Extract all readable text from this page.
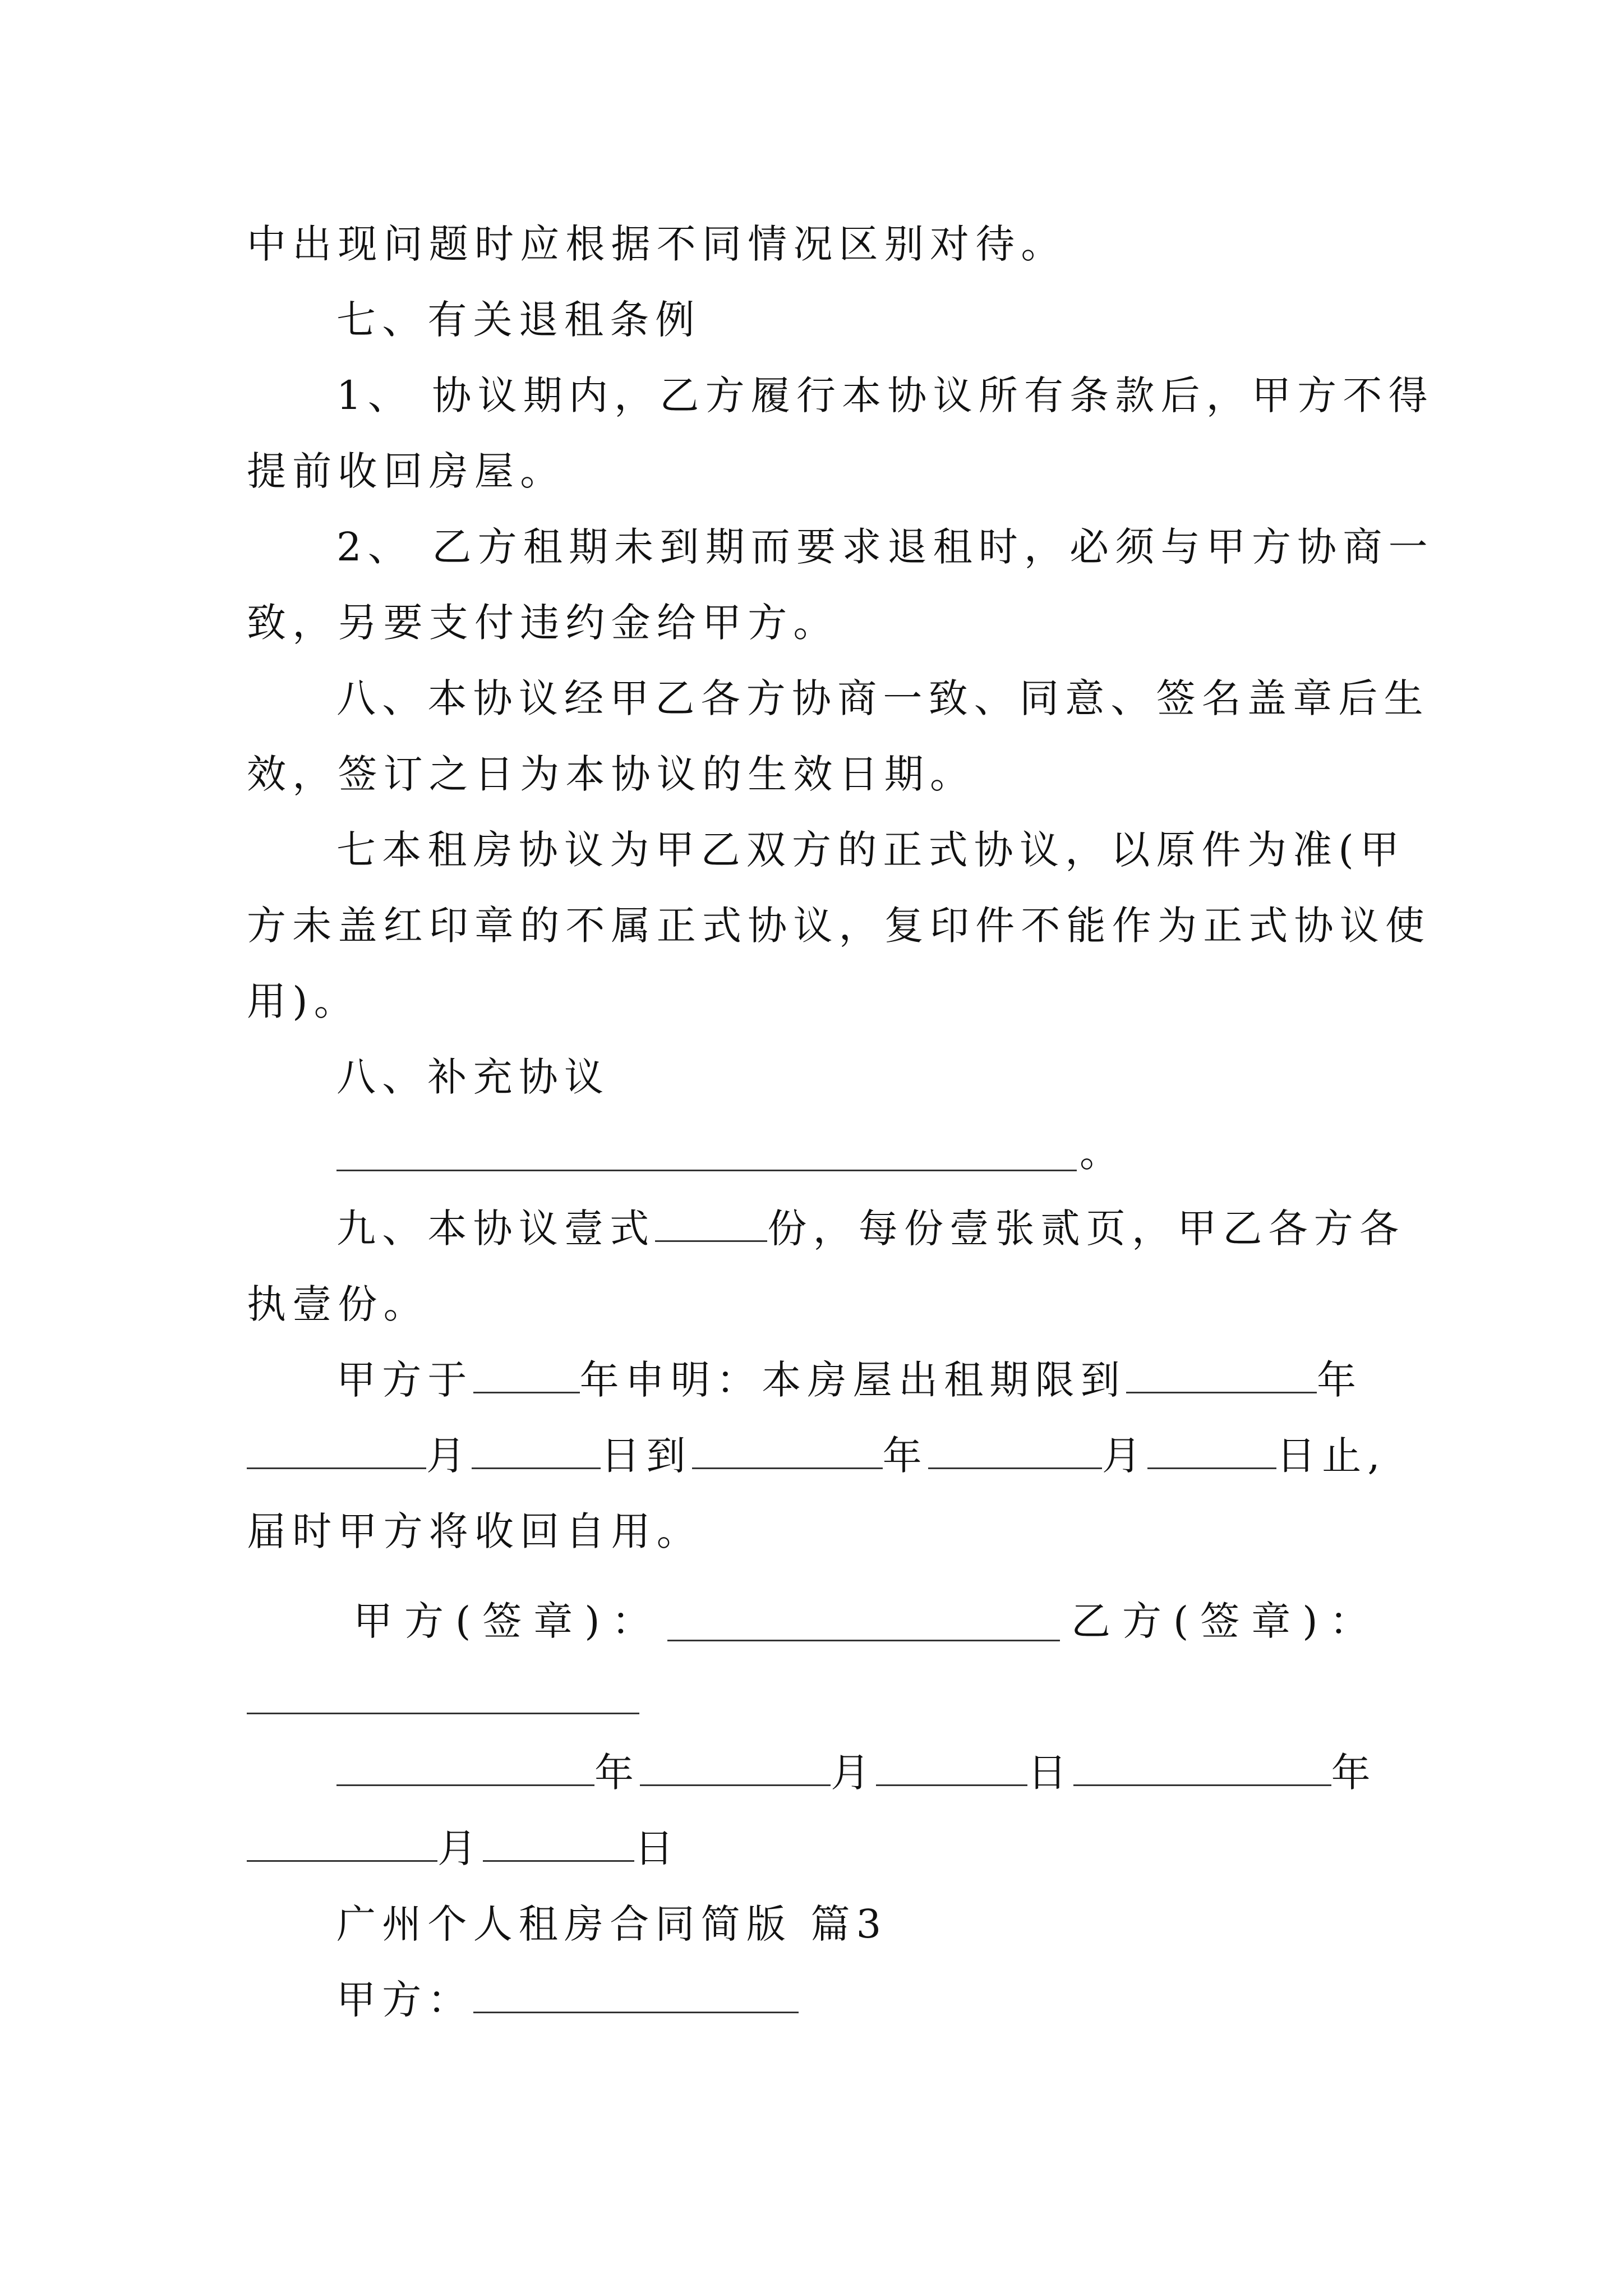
中出现问题时应根据不同情况区别对待。
七、有关退租条例
1、 协议期内，乙方履行本协议所有条款后，甲方不得
提前收回房屋。
2、 乙方租期未到期而要求退租时，必须与甲方协商一
致，另要支付违约金给甲方。
八、本协议经甲乙各方协商一致、同意、签名盖章后生
效，签订之日为本协议的生效日期。
七本租房协议为甲乙双方的正式协议，以原件为准(甲
方未盖红印章的不属正式协议，复印件不能作为正式协议使
用)。
八、补充协议
。
九、本协议壹式	份，每份壹张贰页，甲乙各方各
执壹份。
甲方于	年申明：本房屋出租期限到	年
月	日到	年	月	日止,
届时甲方将收回自用。
甲方(签章)：	乙方(签章)：
年	月	日	年
月	日
广州个人租房合同简版 篇3
甲方：
